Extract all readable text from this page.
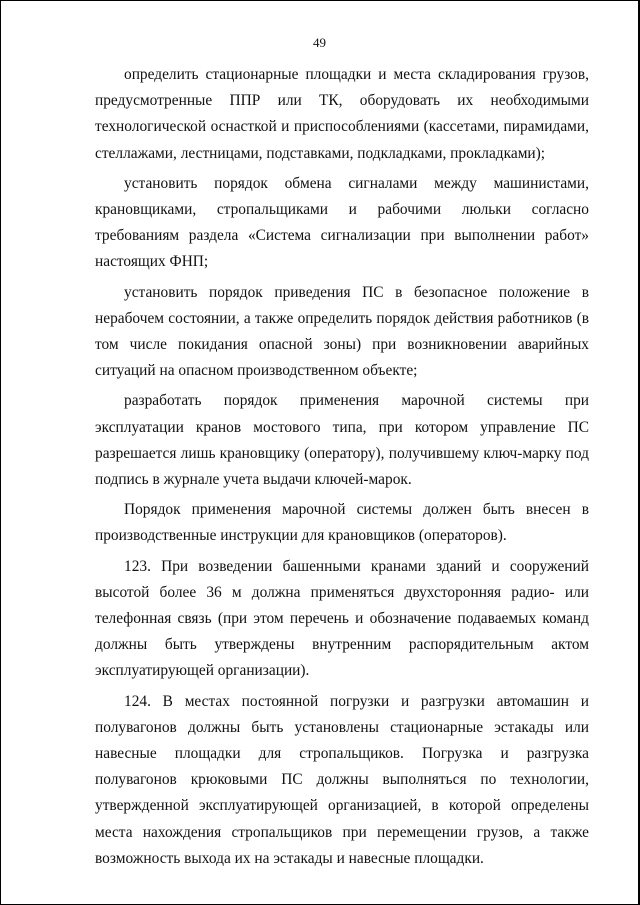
49

определить стационарные площадки и места складирования грузов, предусмотренные ППР или ТК, оборудовать их необходимыми технологической оснасткой и приспособлениями (кассетами, пирамидами, стеллажами, лестницами, подставками, подкладками, прокладками);

установить порядок обмена сигналами между машинистами, крановщиками, стропальщиками и рабочими люльки согласно требованиям раздела «Система сигнализации при выполнении работ» настоящих ФНП;

установить порядок приведения ПС в безопасное положение в нерабочем состоянии, а также определить порядок действия работников (в том числе покидания опасной зоны) при возникновении аварийных ситуаций на опасном производственном объекте;

разработать порядок применения марочной системы при эксплуатации кранов мостового типа, при котором управление ПС разрешается лишь крановщику (оператору), получившему ключ-марку под подпись в журнале учета выдачи ключей-марок.

Порядок применения марочной системы должен быть внесен в производственные инструкции для крановщиков (операторов).

123. При возведении башенными кранами зданий и сооружений высотой более 36 м должна применяться двухсторонняя радио- или телефонная связь (при этом перечень и обозначение подаваемых команд должны быть утверждены внутренним распорядительным актом эксплуатирующей организации).

124. В местах постоянной погрузки и разгрузки автомашин и полувагонов должны быть установлены стационарные эстакады или навесные площадки для стропальщиков. Погрузка и разгрузка полувагонов крюковыми ПС должны выполняться по технологии, утвержденной эксплуатирующей организацией, в которой определены места нахождения стропальщиков при перемещении грузов, а также возможность выхода их на эстакады и навесные площадки.
